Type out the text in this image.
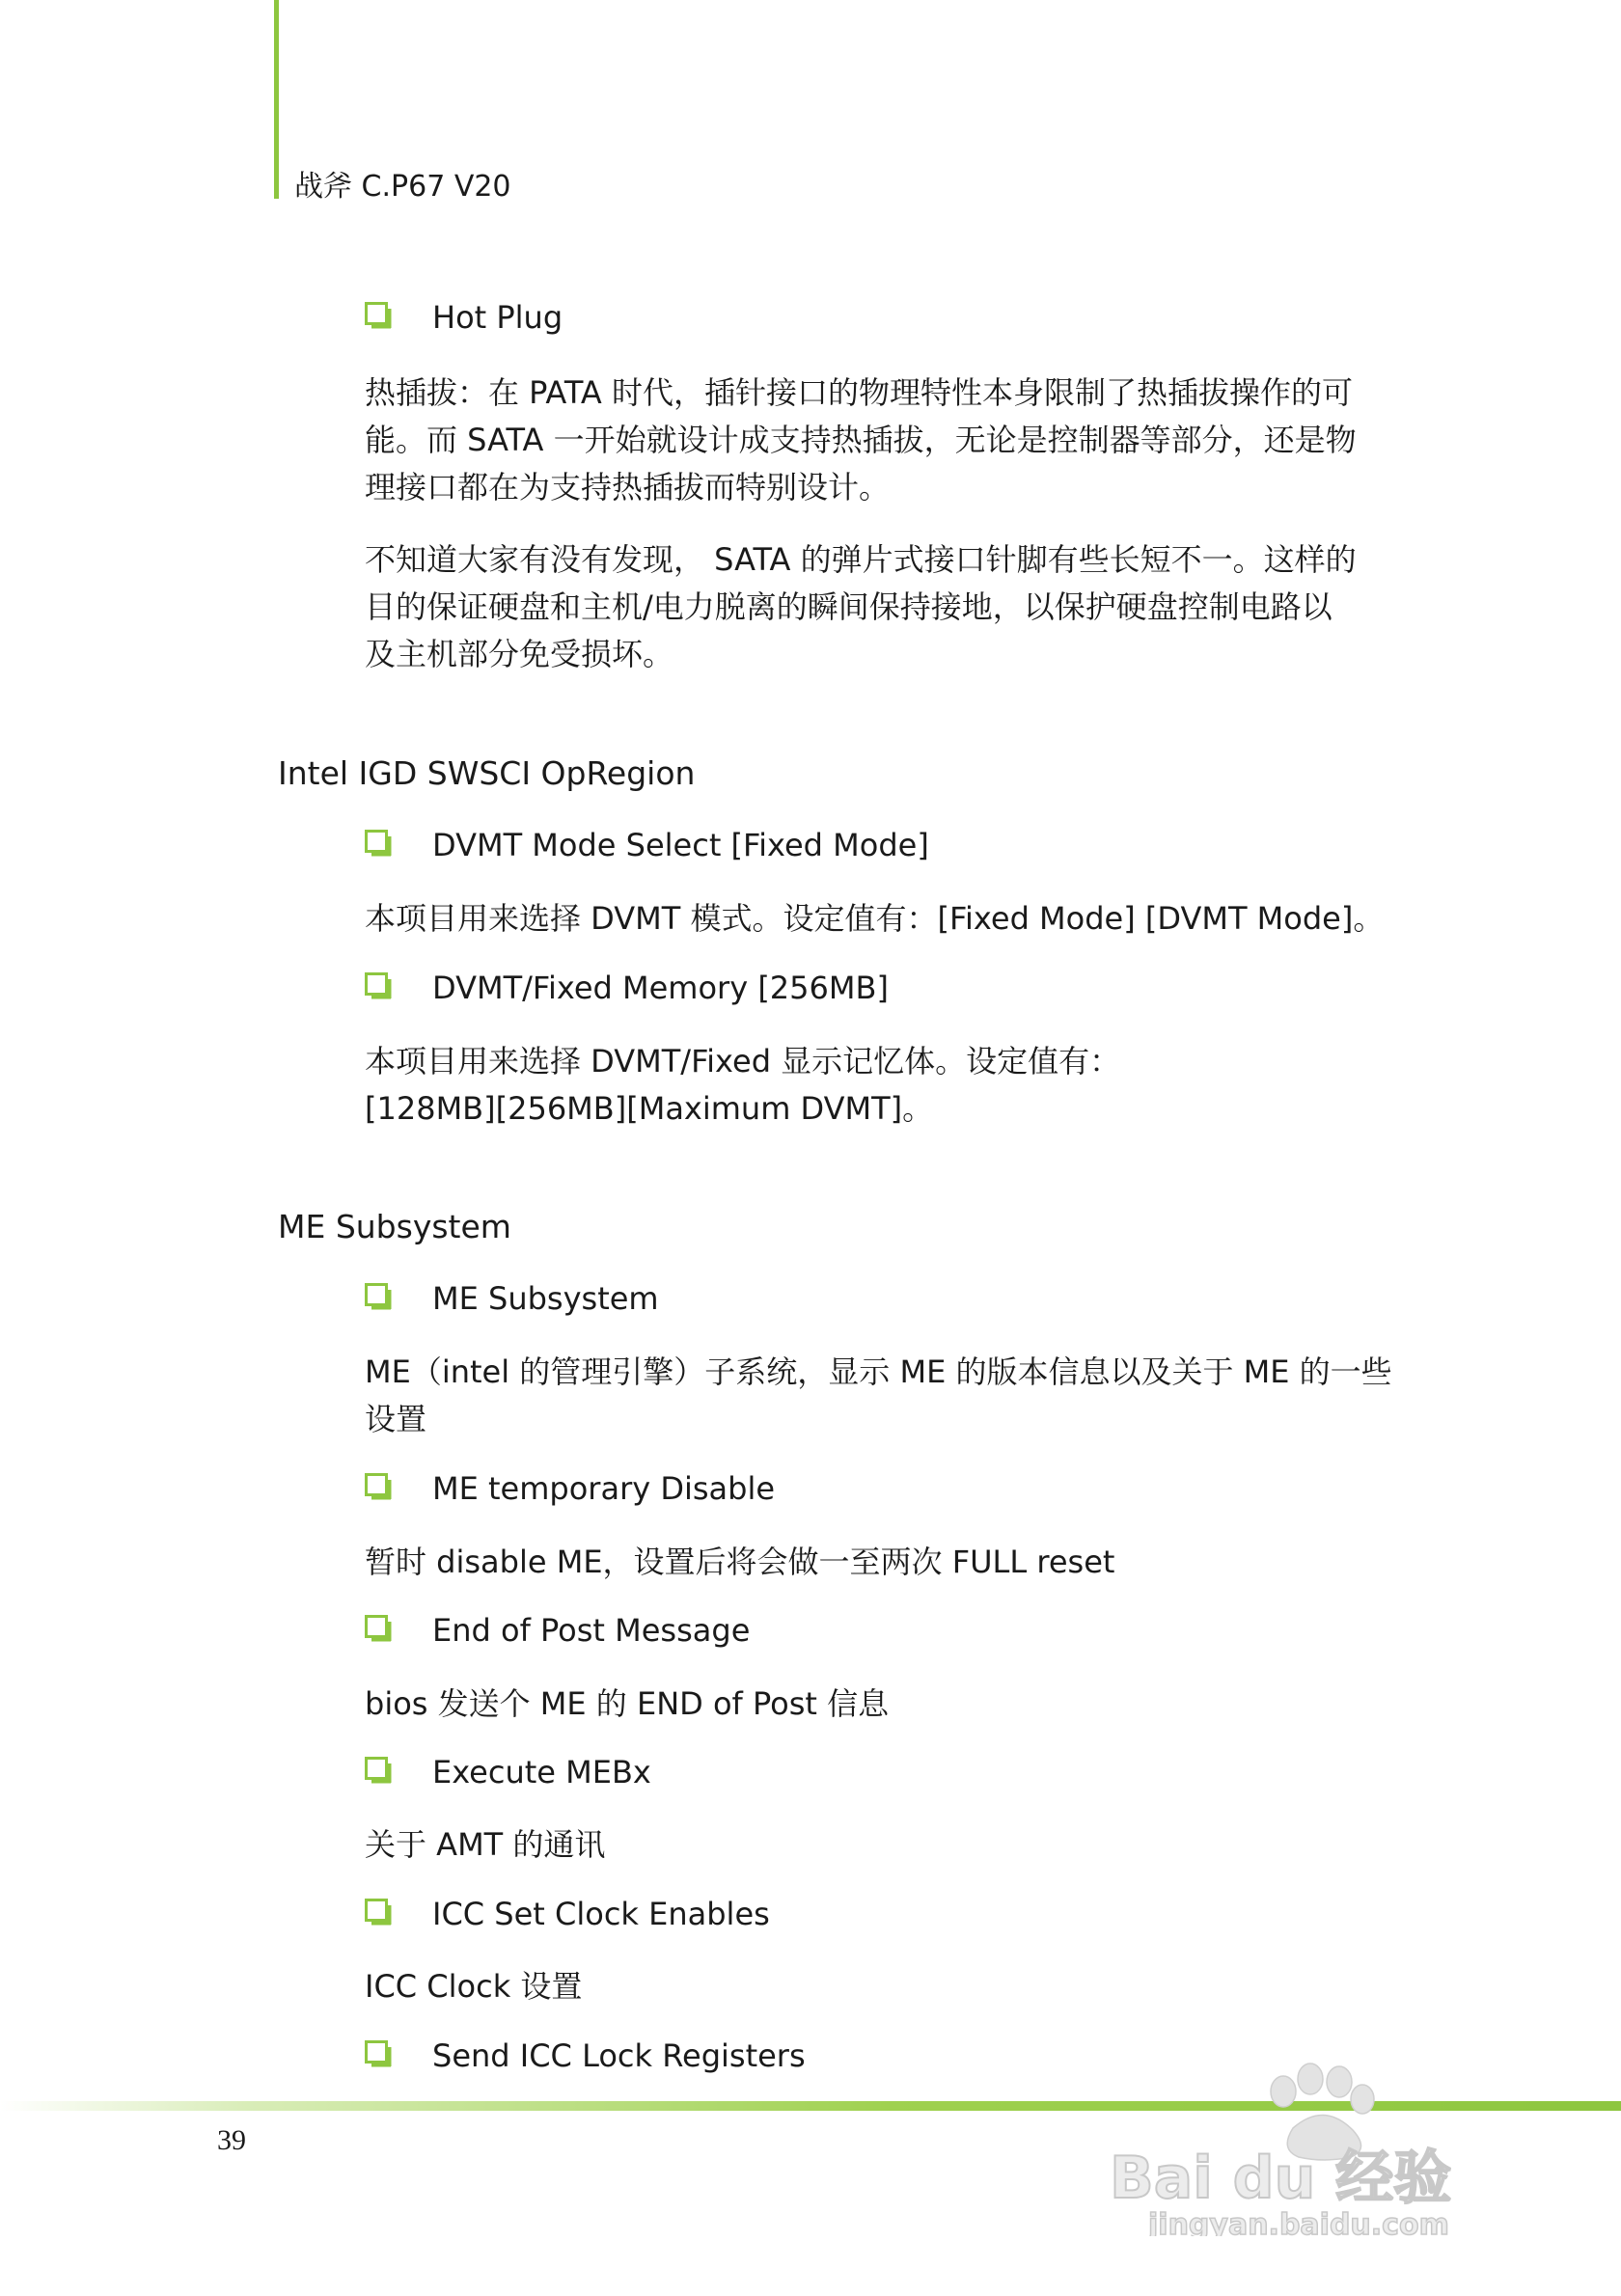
战斧 C.P67 V20
Hot Plug
热插拔：在 PATA 时代，插针接口的物理特性本身限制了热插拔操作的可
能。而 SATA 一开始就设计成支持热插拔，无论是控制器等部分，还是物
理接口都在为支持热插拔而特别设计。
不知道大家有没有发现， SATA 的弹片式接口针脚有些长短不一。这样的
目的保证硬盘和主机/电力脱离的瞬间保持接地，以保护硬盘控制电路以
及主机部分免受损坏。
Intel IGD SWSCI OpRegion
DVMT Mode Select [Fixed Mode]
本项目用来选择 DVMT 模式。设定值有：[Fixed Mode] [DVMT Mode]。
DVMT/Fixed Memory [256MB]
本项目用来选择 DVMT/Fixed 显示记忆体。设定值有：
[128MB][256MB][Maximum DVMT]。
ME Subsystem
ME Subsystem
ME（intel 的管理引擎）子系统，显示 ME 的版本信息以及关于 ME 的一些
设置
ME temporary Disable
暂时 disable ME，设置后将会做一至两次 FULL reset
End of Post Message
bios 发送个 ME 的 END of Post 信息
Execute MEBx
关于 AMT 的通讯
ICC Set Clock Enables
ICC Clock 设置
Send ICC Lock Registers
39
Bai du 经验
jingyan.baidu.com
